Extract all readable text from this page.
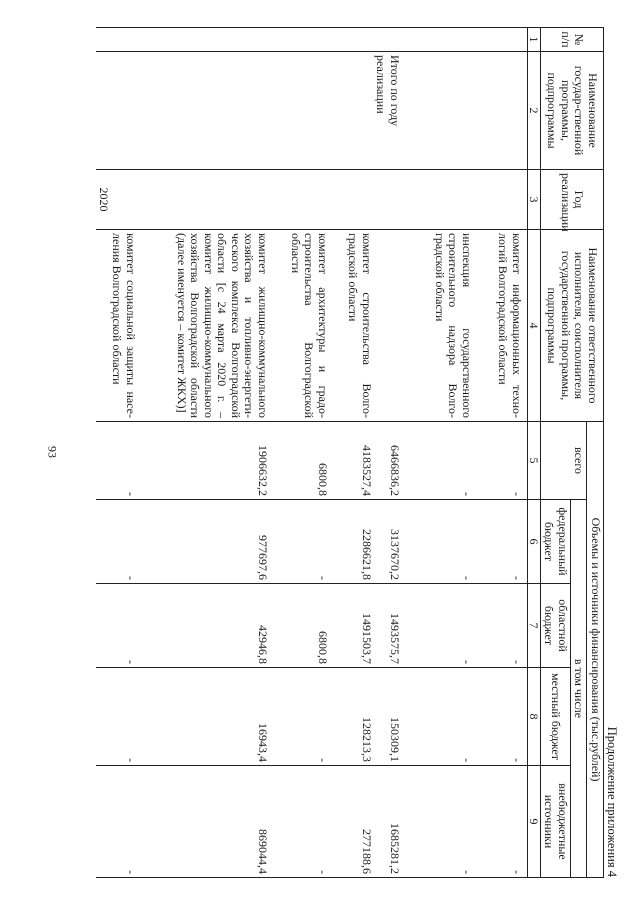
93
Продолжение приложения 4
№ п/п	Наименование государ-ственной программы, подпрограммы	Год реализации	Наименование ответственного исполнителя, соисполнителя государственной программы, подпрограммы	Объемы и источники финансирования (тыс.рублей)				
				всего	в том числе			
					федеральный бюджет	областной бюджет	местный бюджет	внебюджетные источники
1	2	3	4	5	6	7	8	9
			комитет информационных техно-логий Волгоградской области	-	-	-	-	-
			инспекция государственного строительного надзора Волго-градской области	-	-	-	-	-
	Итого по году реализации	2020		6466836,2	3137670,2	1493575,7	150309,1	1685281,2
			комитет строительства Волго-градской области	4183527,4	2286621,8	1491503,7	128213,3	277188,6
			комитет архитектуры и градо-строительства Волгоградской области	6800,8	-	6800,8	-	-
			комитет жилищно-коммунального хозяйства и топливно-энергети-ческого комплекса Волгоградской области [с 24 марта 2020 г. – комитет жилищно-коммунального хозяйства Волгоградской области (далее именуется – комитет ЖКХ)]	1906632,2	977697,6	42946,8	16943,4	869044,4
			комитет социальной защиты насе-ления Волгоградской области	-	-	-	-	-
